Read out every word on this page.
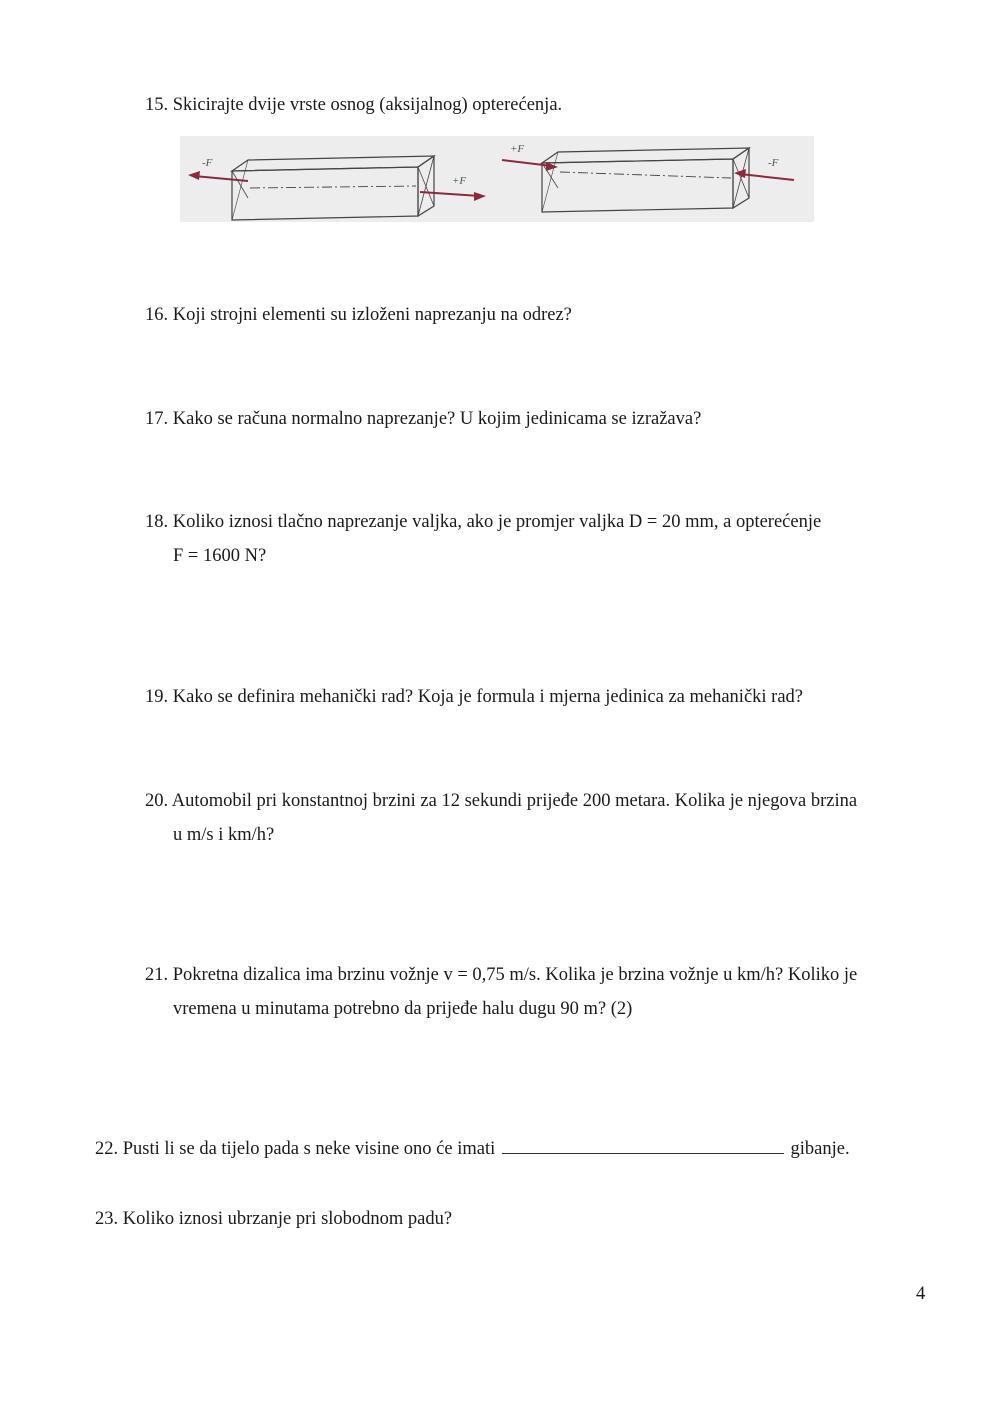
15. Skicirajte dvije vrste osnog (aksijalnog) opterećenja.
-F
+F
+F
-F
16. Koji strojni elementi su izloženi naprezanju na odrez?
17. Kako se računa normalno naprezanje? U kojim jedinicama se izražava?
18. Koliko iznosi tlačno naprezanje valjka, ako je promjer valjka D = 20 mm, a opterećenje
F = 1600 N?
19. Kako se definira mehanički rad? Koja je formula i mjerna jedinica za mehanički rad?
20. Automobil pri konstantnoj brzini za 12 sekundi prijeđe 200 metara. Kolika je njegova brzina
u m/s i km/h?
21. Pokretna dizalica ima brzinu vožnje v = 0,75 m/s. Kolika je brzina vožnje u km/h? Koliko je
vremena u minutama potrebno da prijeđe halu dugu 90 m? (2)
22. Pusti li se da tijelo pada s neke visine ono će imati	gibanje.
23. Koliko iznosi ubrzanje pri slobodnom padu?
4
